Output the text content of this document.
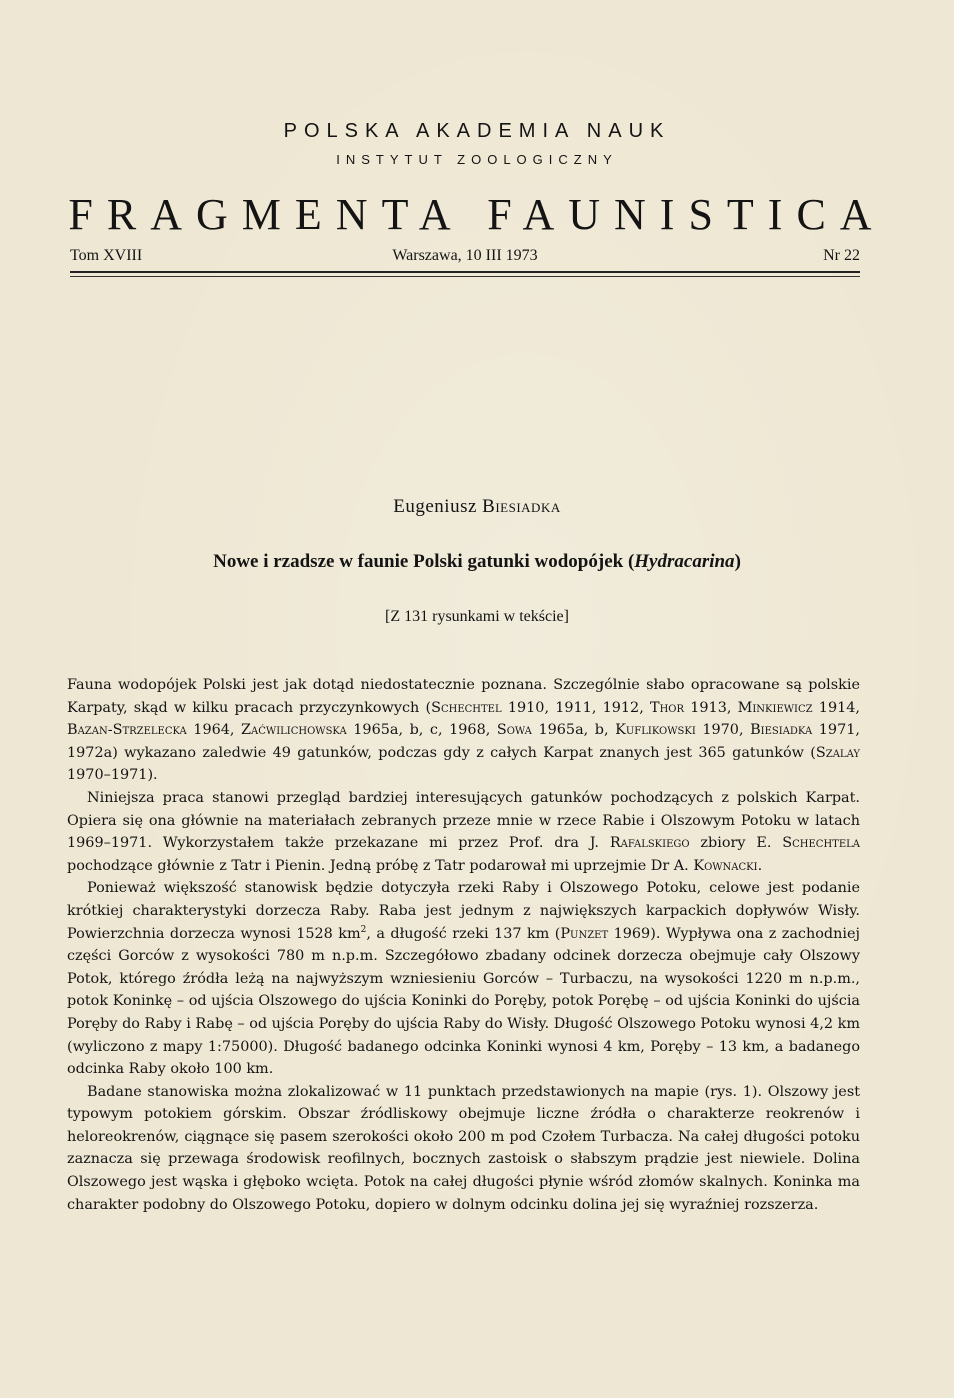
POLSKA AKADEMIA NAUK
INSTYTUT ZOOLOGICZNY
FRAGMENTA FAUNISTICA
Tom XVIII	Warszawa, 10 III 1973	Nr 22
Eugeniusz Biesiadka
Nowe i rzadsze w faunie Polski gatunki wodopójek (Hydracarina)
[Z 131 rysunkami w tekście]

Fauna wodopójek Polski jest jak dotąd niedostatecznie poznana. Szczególnie słabo opracowane są polskie Karpaty, skąd w kilku pracach przyczynkowych (Schechtel 1910, 1911, 1912, Thor 1913, Minkiewicz 1914, Bazan-Strzelecka 1964, Zaćwilichowska 1965a, b, c, 1968, Sowa 1965a, b, Kuflikowski 1970, Biesiadka 1971, 1972a) wykazano zaledwie 49 gatunków, podczas gdy z całych Karpat znanych jest 365 gatunków (Szalay 1970–1971).

Niniejsza praca stanowi przegląd bardziej interesujących gatunków pochodzących z polskich Karpat. Opiera się ona głównie na materiałach zebranych przeze mnie w rzece Rabie i Olszowym Potoku w latach 1969–1971. Wykorzystałem także przekazane mi przez Prof. dra J. Rafalskiego zbiory E. Schechtela pochodzące głównie z Tatr i Pienin. Jedną próbę z Tatr podarował mi uprzejmie Dr A. Kownacki.

Ponieważ większość stanowisk będzie dotyczyła rzeki Raby i Olszowego Potoku, celowe jest podanie krótkiej charakterystyki dorzecza Raby. Raba jest jednym z największych karpackich dopływów Wisły. Powierzchnia dorzecza wynosi 1528 $km^2$, a długość rzeki 137 km (Punzet 1969). Wypływa ona z zachodniej części Gorców z wysokości 780 m n.p.m. Szczegółowo zbadany odcinek dorzecza obejmuje cały Olszowy Potok, którego źródła leżą na najwyższym wzniesieniu Gorców – Turbaczu, na wysokości 1220 m n.p.m., potok Koninkę – od ujścia Olszowego do ujścia Koninki do Poręby, potok Porębę – od ujścia Koninki do ujścia Poręby do Raby i Rabę – od ujścia Poręby do ujścia Raby do Wisły. Długość Olszowego Potoku wynosi 4,2 km (wyliczono z mapy 1:75000). Długość badanego odcinka Koninki wynosi 4 km, Poręby – 13 km, a badanego odcinka Raby około 100 km.

Badane stanowiska można zlokalizować w 11 punktach przedstawionych na mapie (rys. 1). Olszowy jest typowym potokiem górskim. Obszar źródliskowy obejmuje liczne źródła o charakterze reokrenów i heloreokrenów, ciągnące się pasem szerokości około 200 m pod Czołem Turbacza. Na całej długości potoku zaznacza się przewaga środowisk reofilnych, bocznych zastoisk o słabszym prądzie jest niewiele. Dolina Olszowego jest wąska i głęboko wcięta. Potok na całej długości płynie wśród złomów skalnych. Koninka ma charakter podobny do Olszowego Potoku, dopiero w dolnym odcinku dolina jej się wyraźniej rozszerza.
